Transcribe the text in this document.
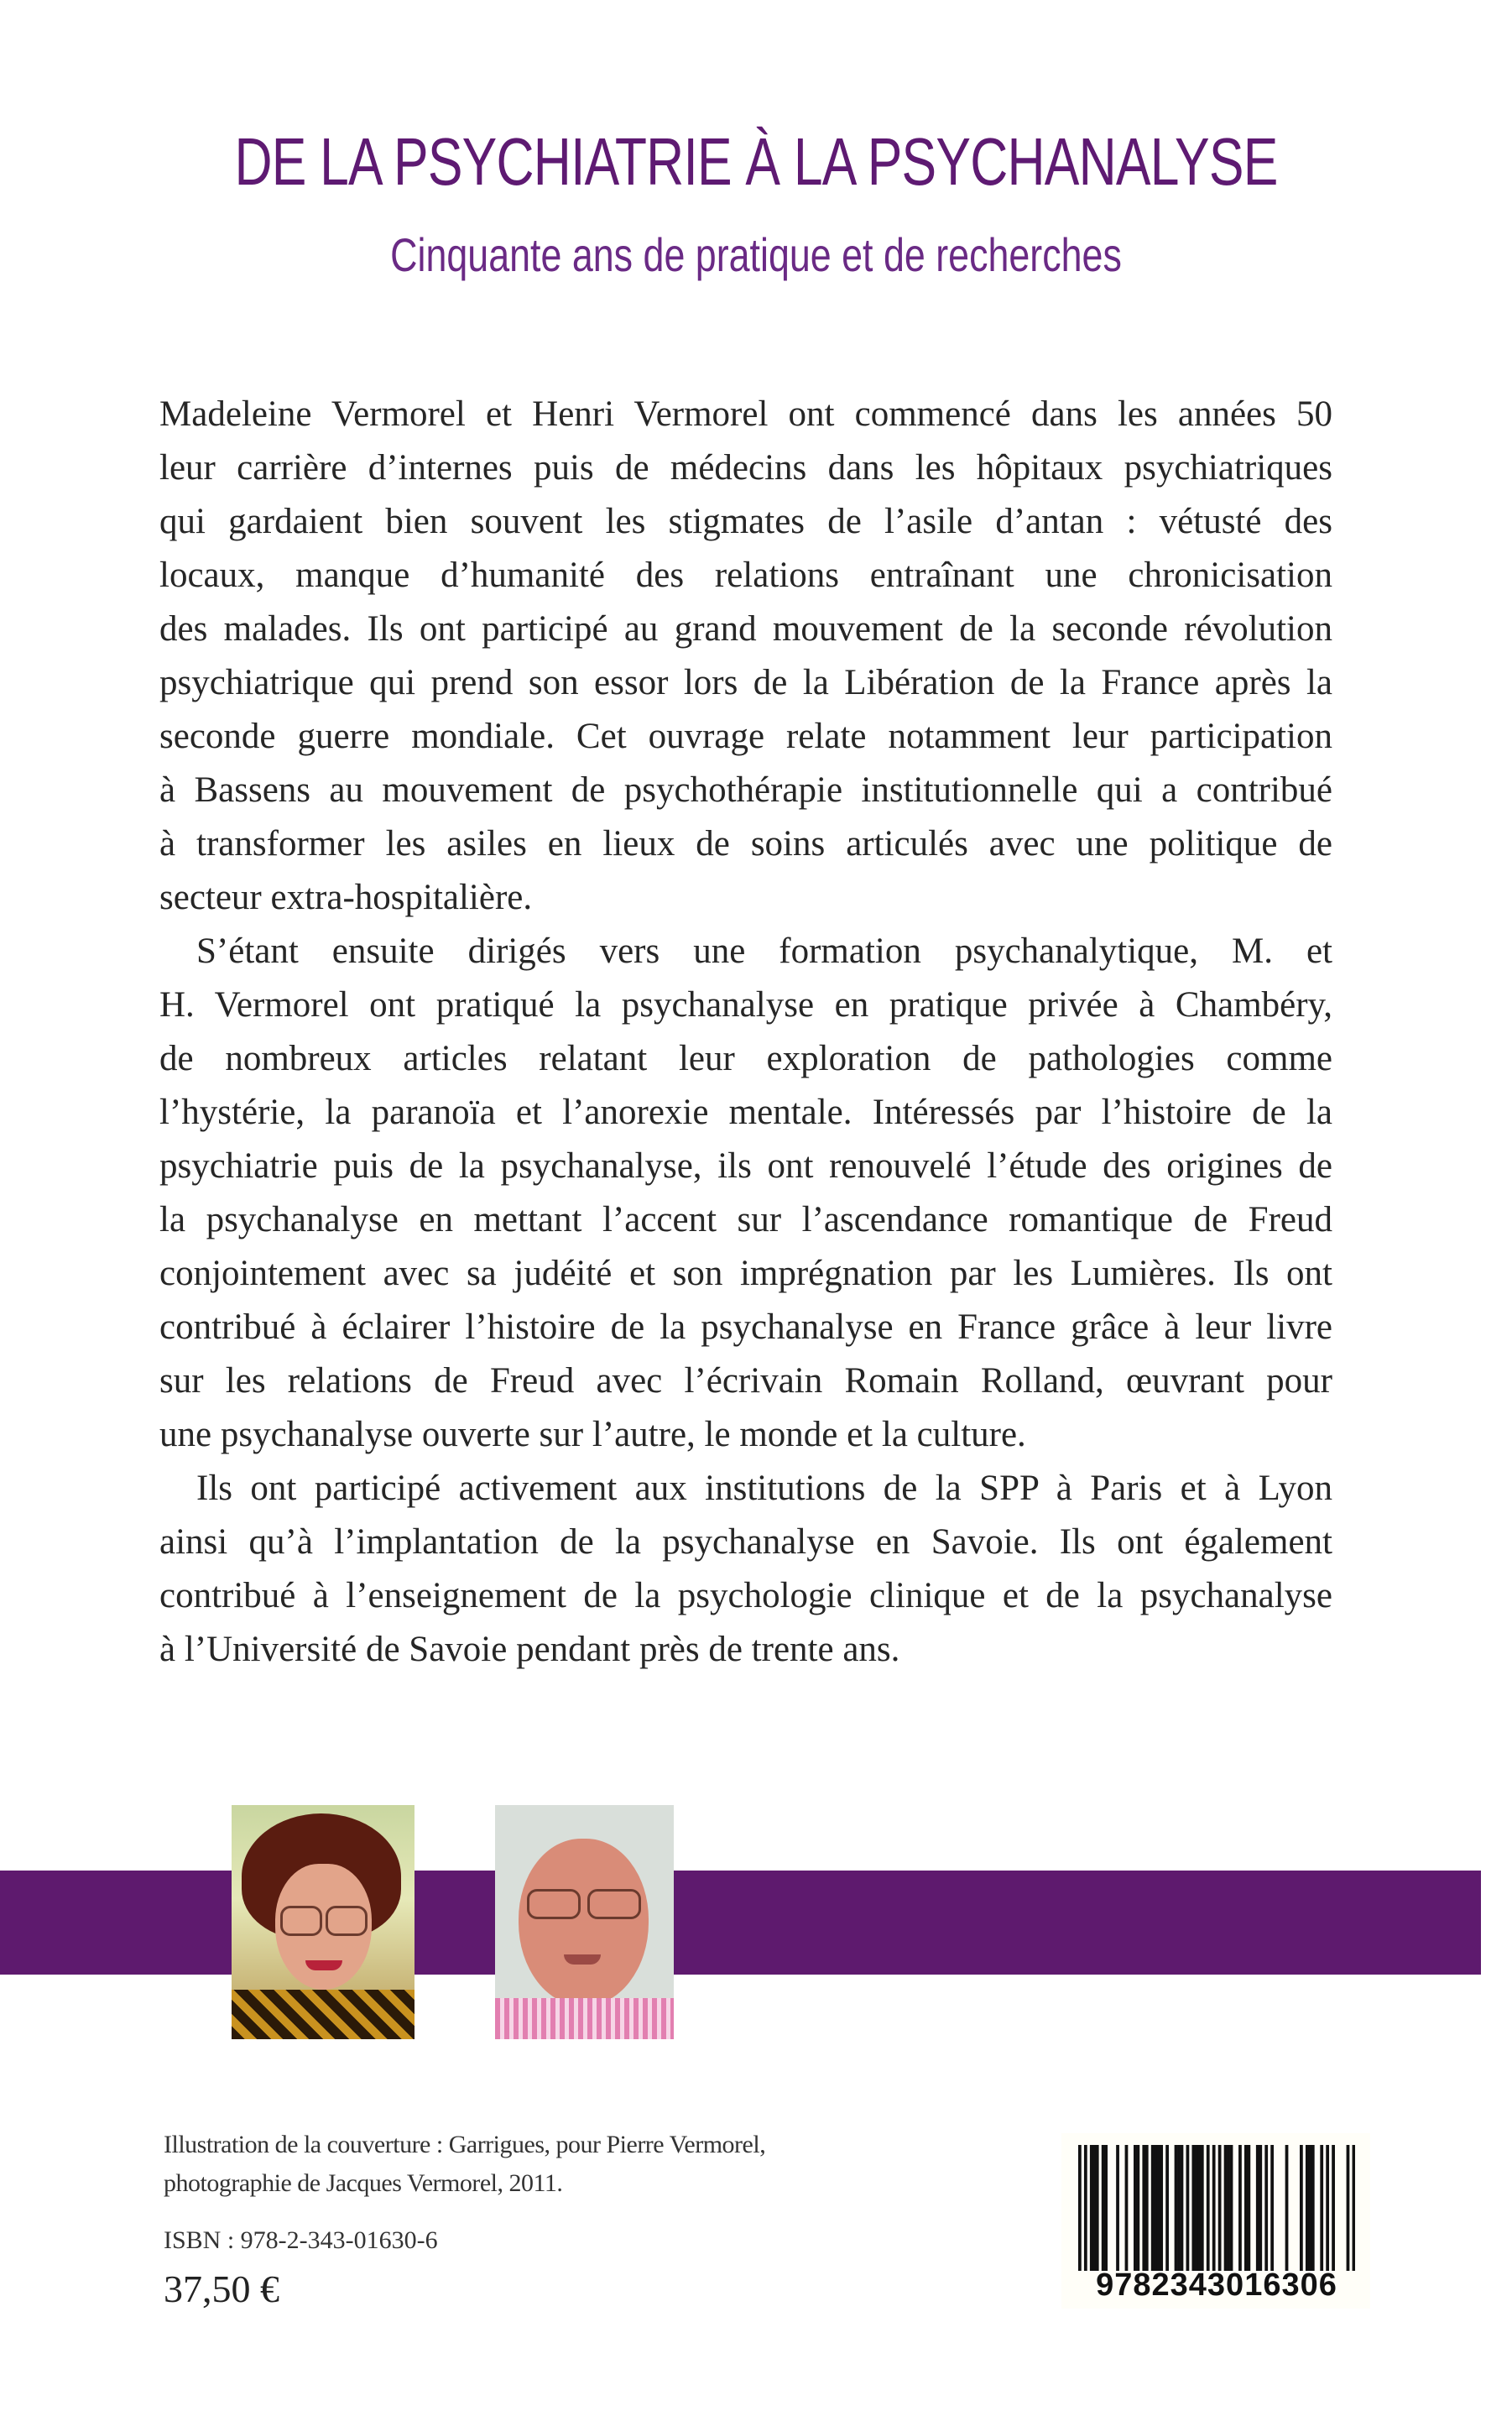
DE LA PSYCHIATRIE À LA PSYCHANALYSE
Cinquante ans de pratique et de recherches
Madeleine Vermorel et Henri Vermorel ont commencé dans les années 50
leur carrière d’internes puis de médecins dans les hôpitaux psychiatriques
qui gardaient bien souvent les stigmates de l’asile d’antan : vétusté des
locaux, manque d’humanité des relations entraînant une chronicisation
des malades. Ils ont participé au grand mouvement de la seconde révolution
psychiatrique qui prend son essor lors de la Libération de la France après la
seconde guerre mondiale. Cet ouvrage relate notamment leur participation
à Bassens au mouvement de psychothérapie institutionnelle qui a contribué
à transformer les asiles en lieux de soins articulés avec une politique de
secteur extra-hospitalière.
S’étant ensuite dirigés vers une formation psychanalytique, M. et
H. Vermorel ont pratiqué la psychanalyse en pratique privée à Chambéry,
de nombreux articles relatant leur exploration de pathologies comme
l’hystérie, la paranoïa et l’anorexie mentale. Intéressés par l’histoire de la
psychiatrie puis de la psychanalyse, ils ont renouvelé l’étude des origines de
la psychanalyse en mettant l’accent sur l’ascendance romantique de Freud
conjointement avec sa judéité et son imprégnation par les Lumières. Ils ont
contribué à éclairer l’histoire de la psychanalyse en France grâce à leur livre
sur les relations de Freud avec l’écrivain Romain Rolland, œuvrant pour
une psychanalyse ouverte sur l’autre, le monde et la culture.
Ils ont participé activement aux institutions de la SPP à Paris et à Lyon
ainsi qu’à l’implantation de la psychanalyse en Savoie. Ils ont également
contribué à l’enseignement de la psychologie clinique et de la psychanalyse
à l’Université de Savoie pendant près de trente ans.
Illustration de la couverture : Garrigues, pour Pierre Vermorel,
photographie de Jacques Vermorel, 2011.
ISBN : 978-2-343-01630-6
37,50 €	9782343016306
